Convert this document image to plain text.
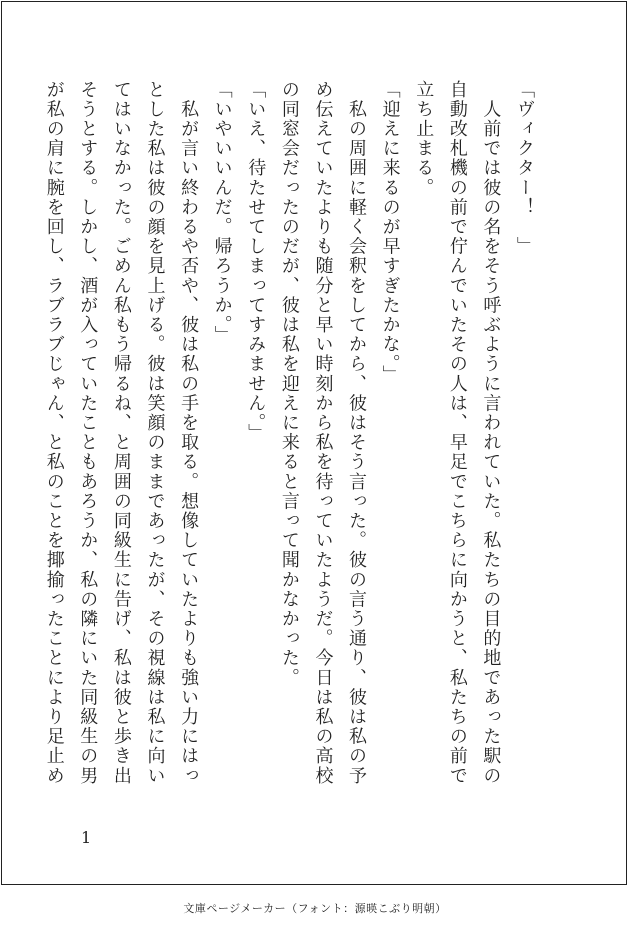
「ヴィクター！　」
　人前では彼の名をそう呼ぶように言われていた。私たちの目的地であった駅の
自動改札機の前で佇んでいたその人は、早足でこちらに向かうと、私たちの前で
立ち止まる。
「迎えに来るのが早すぎたかな。」
　私の周囲に軽く会釈をしてから、彼はそう言った。彼の言う通り、彼は私の予
め伝えていたよりも随分と早い時刻から私を待っていたようだ。今日は私の高校
の同窓会だったのだが、彼は私を迎えに来ると言って聞かなかった。
「いえ、待たせてしまってすみません。」
「いやいいんだ。帰ろうか。」
　私が言い終わるや否や、彼は私の手を取る。想像していたよりも強い力にはっ
とした私は彼の顔を見上げる。彼は笑顔のままであったが、その視線は私に向い
てはいなかった。ごめん私もう帰るね、と周囲の同級生に告げ、私は彼と歩き出
そうとする。しかし、酒が入っていたこともあろうか、私の隣にいた同級生の男
が私の肩に腕を回し、ラブラブじゃん、と私のことを揶揄ったことにより足止め
1
文庫ページメーカー（フォント：源暎こぶり明朝）
